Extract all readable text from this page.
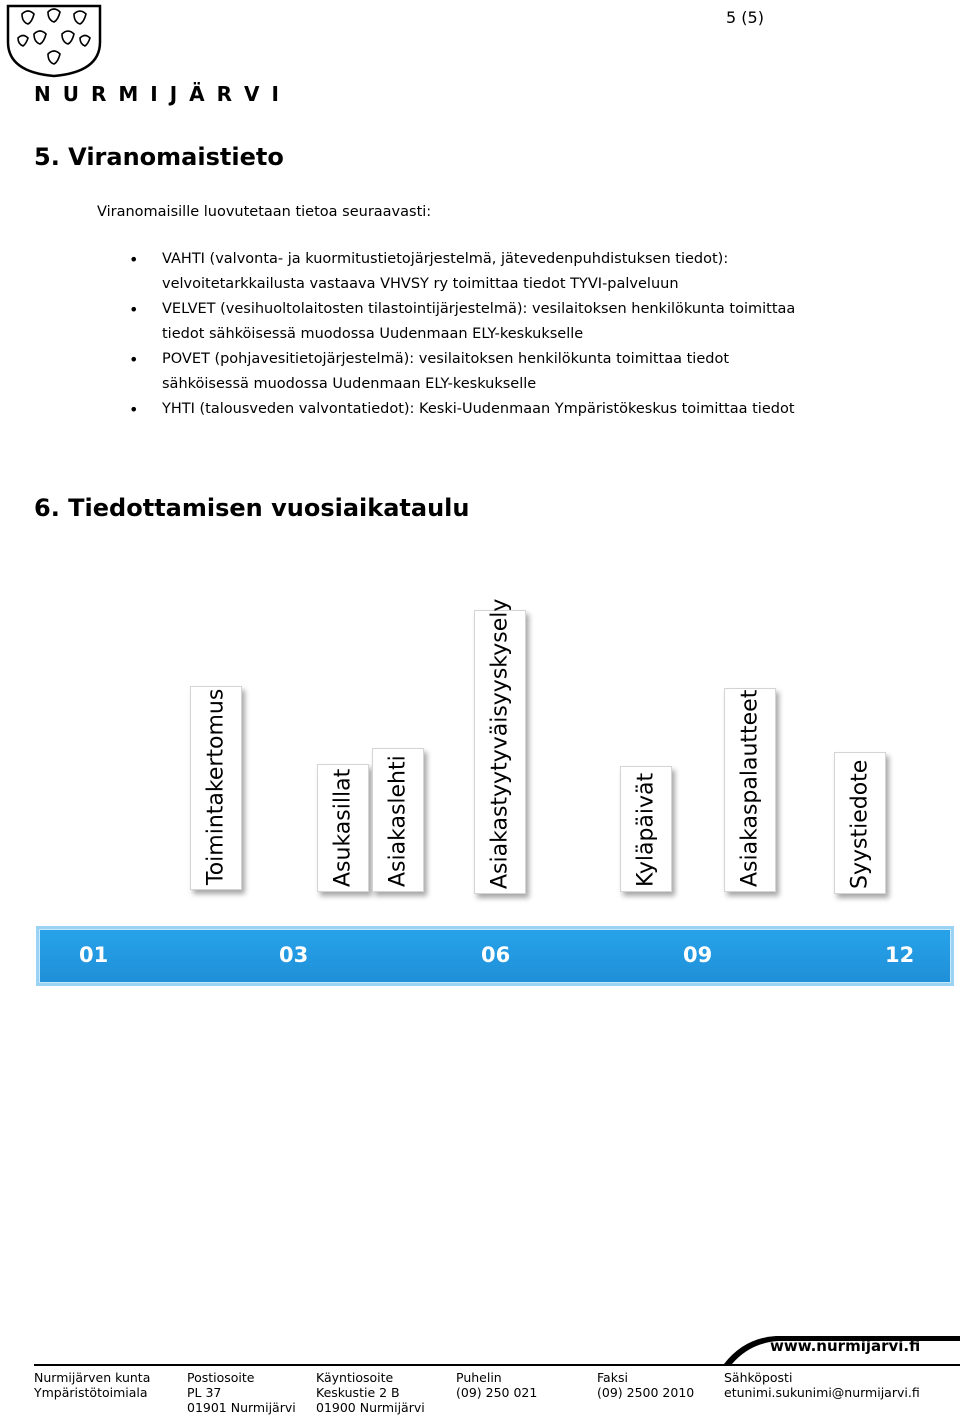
NURMIJÄRVI
5 (5)
5. Viranomaistieto
Viranomaisille luovutetaan tietoa seuraavasti:
• VAHTI (valvonta- ja kuormitustietojärjestelmä, jätevedenpuhdistuksen tiedot):
velvoitetarkkailusta vastaava VHVSY ry toimittaa tiedot TYVI-palveluun
• VELVET (vesihuoltolaitosten tilastointijärjestelmä): vesilaitoksen henkilökunta toimittaa
tiedot sähköisessä muodossa Uudenmaan ELY-keskukselle
• POVET (pohjavesitietojärjestelmä): vesilaitoksen henkilökunta toimittaa tiedot
sähköisessä muodossa Uudenmaan ELY-keskukselle
• YHTI (talousveden valvontatiedot): Keski-Uudenmaan Ympäristökeskus toimittaa tiedot
6. Tiedottamisen vuosiaikataulu
Toimintakertomus	Asukasillat Asiakaslehti	Asiakastyytyväisyyskysely	Kyläpäivät	Asiakaspalautteet	Syystiedote
01	03	06	09	12
www.nurmijarvi.fi
Nurmijärven kunta
Ympäristötoimiala
Postiosoite
PL 37
01901 Nurmijärvi
Käyntiosoite
Keskustie 2 B
01900 Nurmijärvi
Puhelin
(09) 250 021
Faksi
(09) 2500 2010
Sähköposti
etunimi.sukunimi@nurmijarvi.fi
